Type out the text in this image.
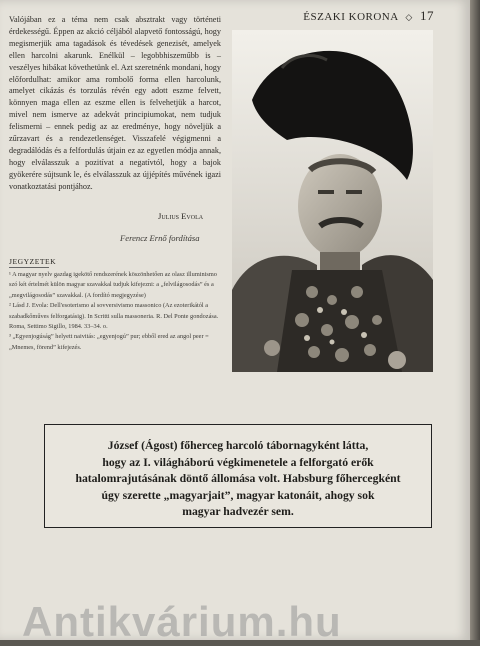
ÉSZAKI KORONA ◇ 17
Valójában ez a téma nem csak absztrakt vagy történeti érdekességű. Éppen az akció céljából alapvető fontosságú, hogy megismerjük ama tagadások és tévedések genezisét, amelyek ellen harcolni akarunk. Enélkül – legobbhiszeműbb is – veszélyes hibákat követhetünk el. Azt szeretnénk mondani, hogy előfordulhat: amikor ama rombolő forma ellen harcolunk, amelyet cikázás és torzulás révén egy adott eszme felvett, könnyen maga ellen az eszme ellen is felvehetjük a harcot, mivel nem ismerve az adekvát principiumokat, nem tudjuk felismerni – ennek pedig az az eredménye, hogy növeljük a zűrzavart és a rendezetlenséget. Visszafelé végigmenni a degradálódás és a felfordulás útjain ez az egyetlen módja annak, hogy elválasszuk a pozitívat a negatívtól, hogy a bajok gyökerére sújtsunk le, és elválasszuk az újjépítés művének igazi vonatkoztatási pontjához.
Julius Evola
Ferencz Ernő fordítása
JEGYZETEK

¹ A magyar nyelv gazdag igekötő rendszerének köszönhetően az olasz illuminismo szó két értelmét külön magyar szavakkal tudjuk kifejezni: a „felvilágosodás” és a „megvilágosodás” szavakkal. (A fordító megjegyzése)

² Lásd J. Evola: Dell'esoterismo al sovversivismo massonico (Az ezoterikától a szabadkőműves felforgatásig). In Scritti sulla massoneria. R. Del Ponte gondozása. Roma, Settimo Sigillo, 1984. 33–34. o.

³ „Egyenjogúság” helyett naivitás: „egyenjogú” pur; ebből ered az angol peer = „Mnemes, förend” kifejezés.

József (Ágost) főherceg harcoló tábornagyként látta,
hogy az I. világháború végkimenetele a felforgató erők
hatalomrajutásának döntő állomása volt. Habsburg főhercegként
úgy szerette „magyarjait”, magyar katonáit, ahogy sok
magyar hadvezér sem.
Antikvárium.hu
